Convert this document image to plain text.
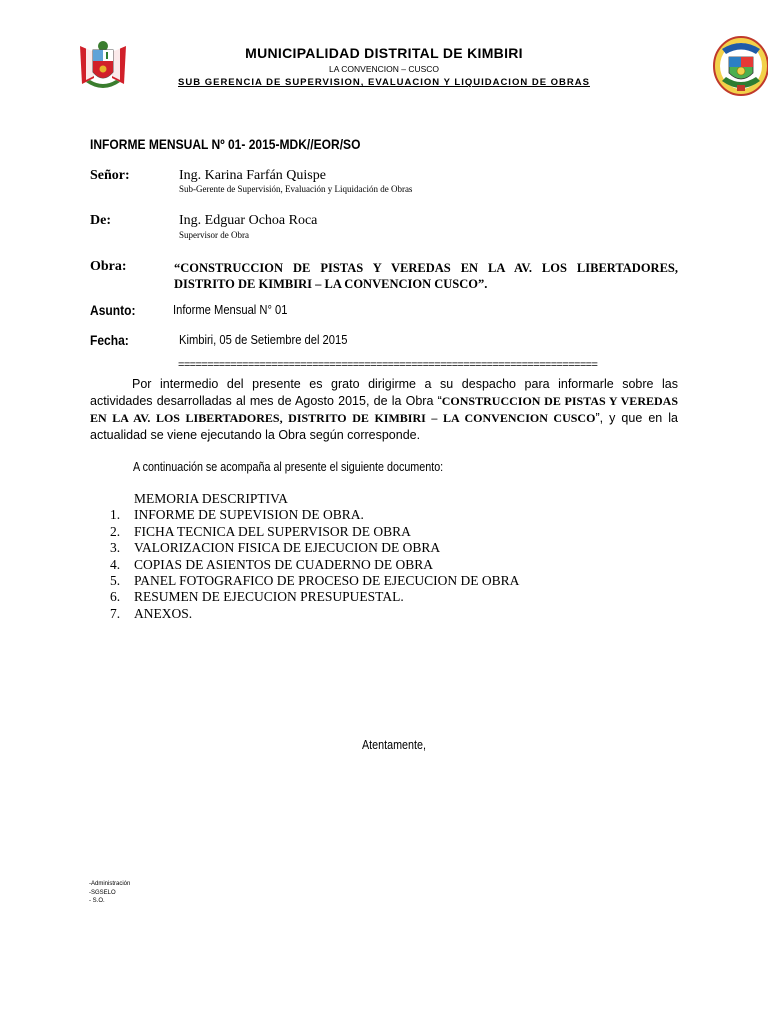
MUNICIPALIDAD DISTRITAL DE KIMBIRI
LA CONVENCION – CUSCO
SUB GERENCIA DE SUPERVISION, EVALUACION Y LIQUIDACION DE OBRAS
INFORME MENSUAL Nº 01- 2015-MDK//EOR/SO
Señor:	Ing. Karina Farfán Quispe
Sub-Gerente de Supervisión, Evaluación y Liquidación de Obras
De:	Ing. Edguar Ochoa Roca
Supervisor de Obra
Obra:	“CONSTRUCCION DE PISTAS Y VEREDAS EN LA AV. LOS LIBERTADORES, DISTRITO DE KIMBIRI – LA CONVENCION CUSCO”.
Asunto:	Informe Mensual N° 01
Fecha:	Kimbiri, 05 de Setiembre del 2015
========================================================================
Por intermedio del presente es grato dirigirme a su despacho para informarle sobre las actividades desarrolladas al mes de Agosto 2015, de la Obra “CONSTRUCCION DE PISTAS Y VEREDAS EN LA AV. LOS LIBERTADORES, DISTRITO DE KIMBIRI – LA CONVENCION CUSCO”, y que en la actualidad se viene ejecutando la Obra según corresponde.
A continuación se acompaña al presente el siguiente documento:
MEMORIA DESCRIPTIVA
1. INFORME DE SUPEVISION DE OBRA.
2. FICHA TECNICA DEL SUPERVISOR DE OBRA
3. VALORIZACION FISICA DE EJECUCION DE OBRA
4. COPIAS DE ASIENTOS DE CUADERNO DE OBRA
5. PANEL FOTOGRAFICO DE PROCESO DE EJECUCION DE OBRA
6. RESUMEN DE EJECUCION PRESUPUESTAL.
7. ANEXOS.
Atentamente,
-Administración
-SGSELO
- S.O.
